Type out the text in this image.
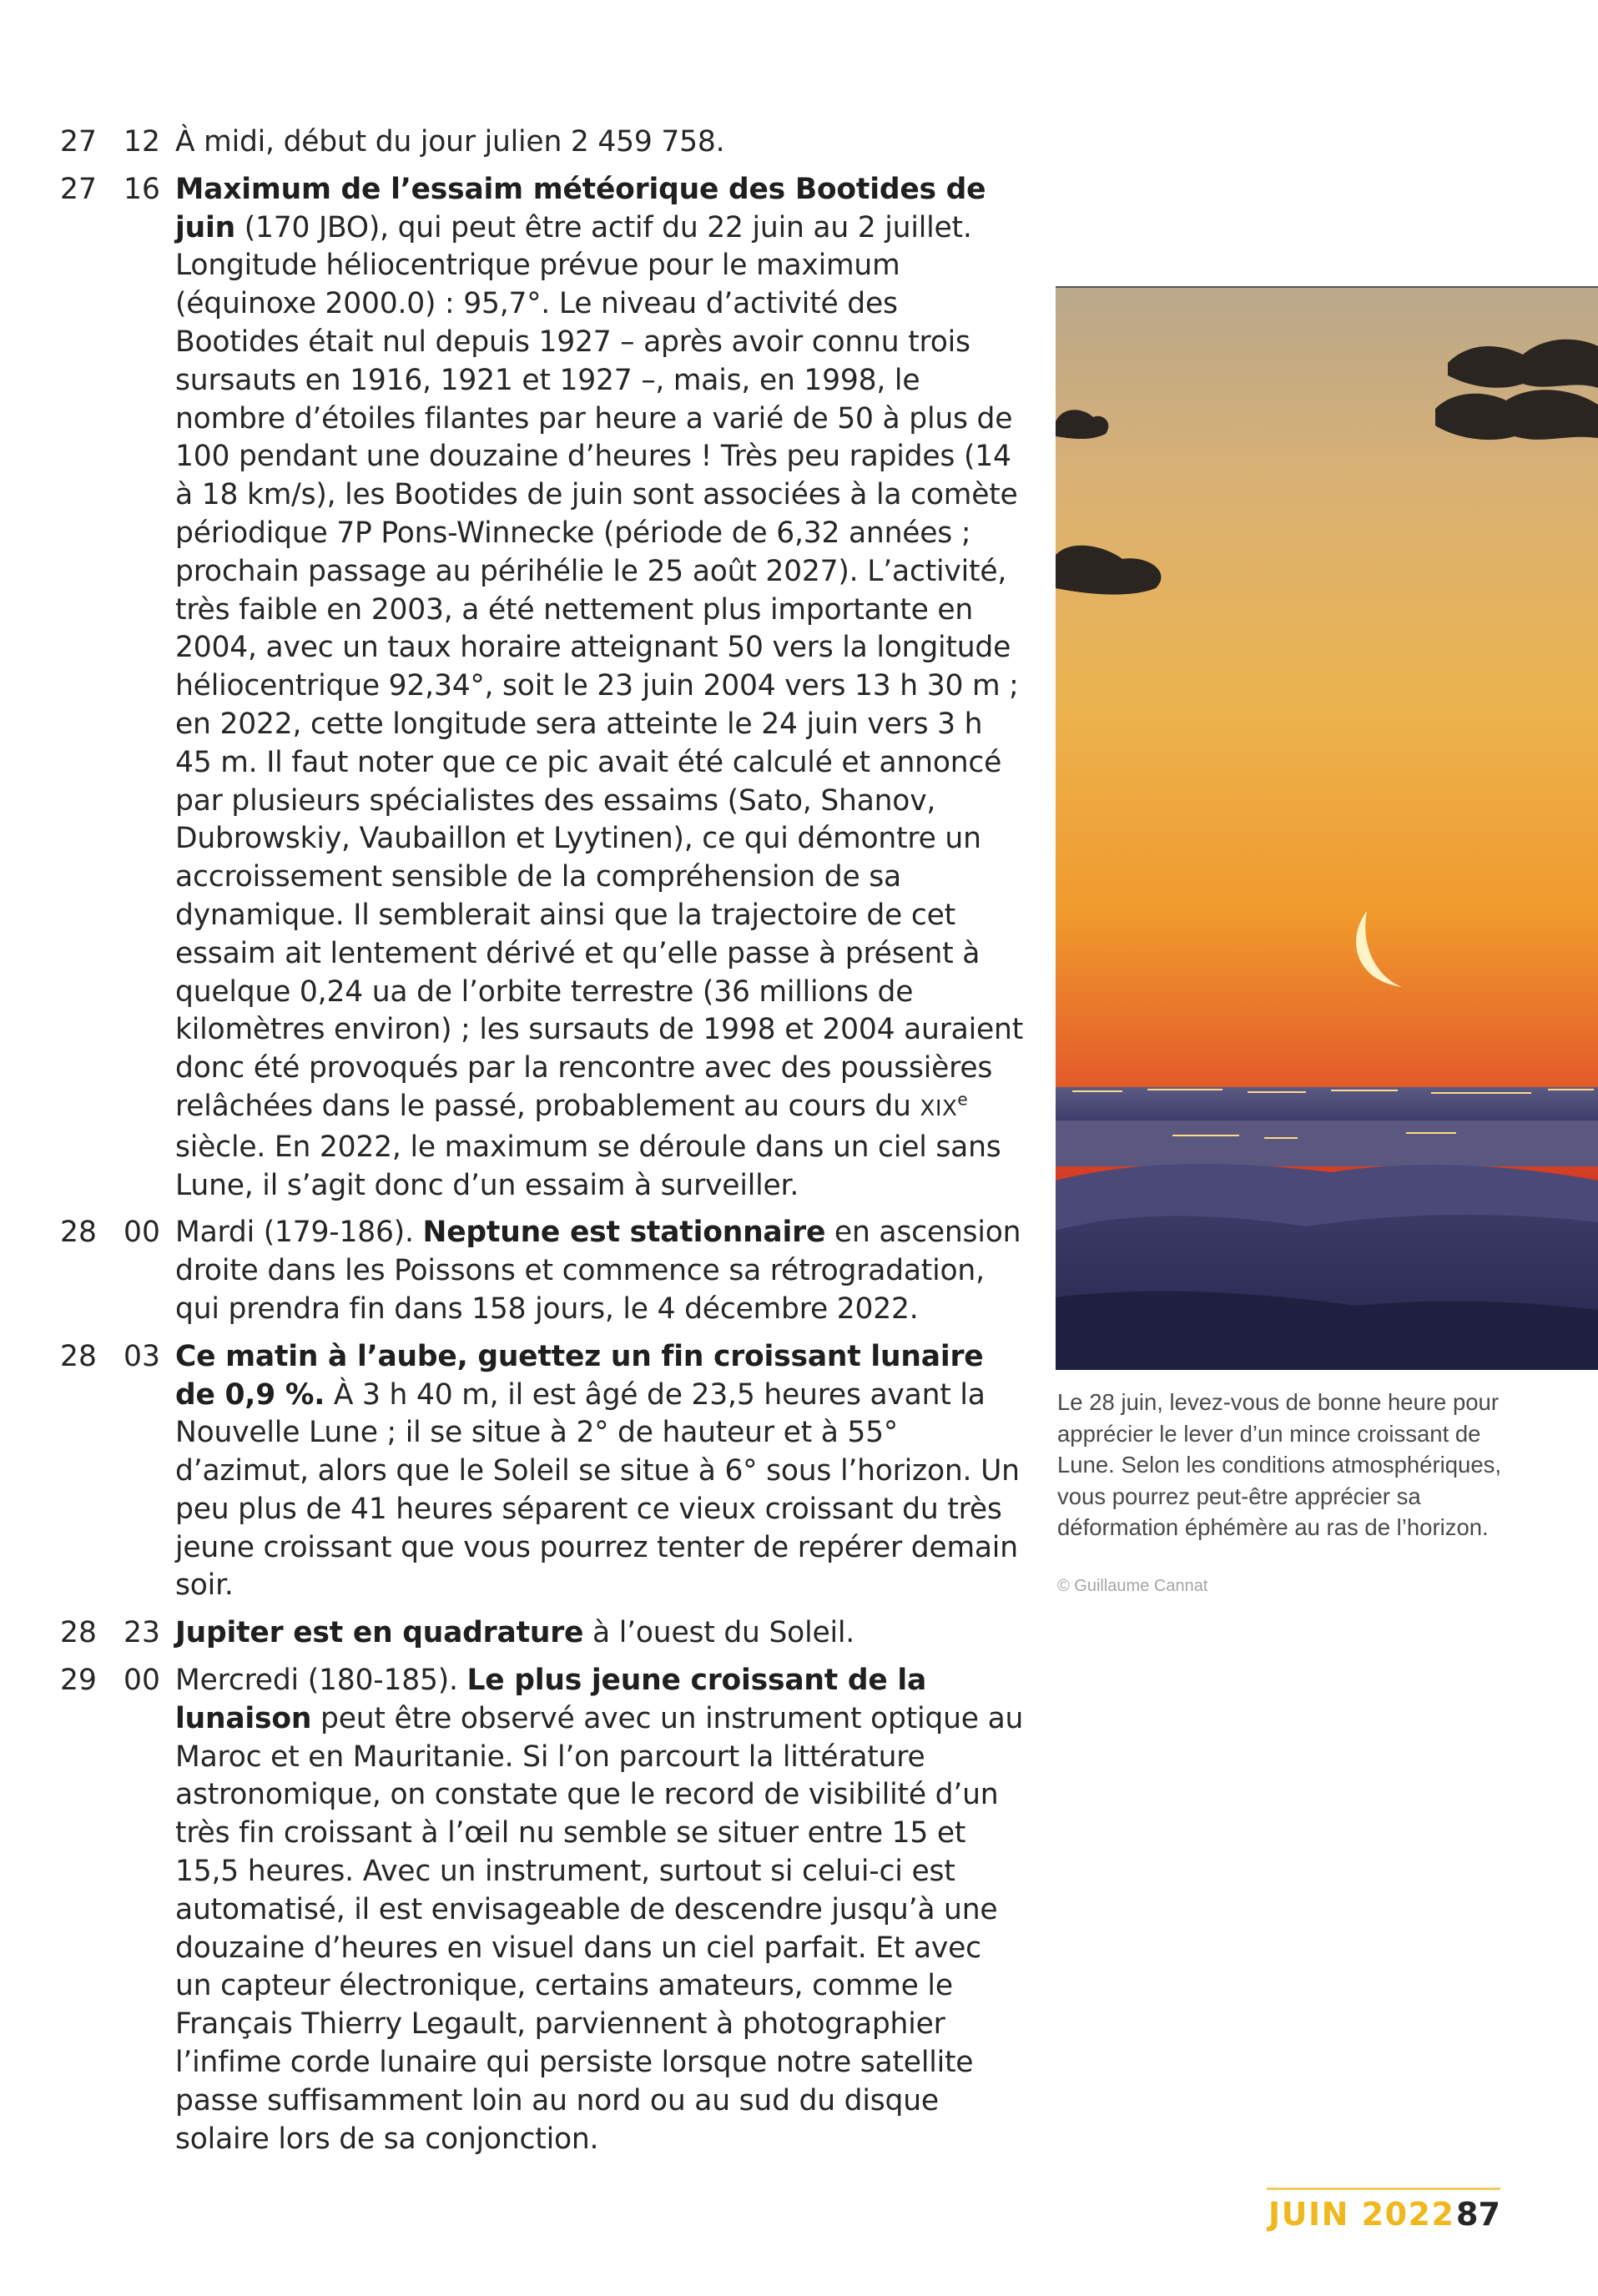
27 12 À midi, début du jour julien 2 459 758.
27 16 Maximum de l’essaim météorique des Bootides de juin (170 JBO), qui peut être actif du 22 juin au 2 juillet. Longitude héliocentrique prévue pour le maximum (équinoxe 2000.0) : 95,7°. Le niveau d’activité des Bootides était nul depuis 1927 – après avoir connu trois sursauts en 1916, 1921 et 1927 –, mais, en 1998, le nombre d’étoiles filantes par heure a varié de 50 à plus de 100 pendant une douzaine d’heures ! Très peu rapides (14 à 18 km/s), les Bootides de juin sont associées à la comète périodique 7P Pons-Winnecke (période de 6,32 années ; prochain passage au périhélie le 25 août 2027). L’activité, très faible en 2003, a été nettement plus importante en 2004, avec un taux horaire atteignant 50 vers la longitude héliocentrique 92,34°, soit le 23 juin 2004 vers 13 h 30 m ; en 2022, cette longitude sera atteinte le 24 juin vers 3 h 45 m. Il faut noter que ce pic avait été calculé et annoncé par plusieurs spécialistes des essaims (Sato, Shanov, Dubrowskiy, Vaubaillon et Lyytinen), ce qui démontre un accroissement sensible de la compréhension de sa dynamique. Il semblerait ainsi que la trajectoire de cet essaim ait lentement dérivé et qu’elle passe à présent à quelque 0,24 ua de l’orbite terrestre (36 millions de kilomètres environ) ; les sursauts de 1998 et 2004 auraient donc été provoqués par la rencontre avec des poussières relâchées dans le passé, probablement au cours du XIXe siècle. En 2022, le maximum se déroule dans un ciel sans Lune, il s’agit donc d’un essaim à surveiller.
28 00 Mardi (179-186). Neptune est stationnaire en ascension droite dans les Poissons et commence sa rétrogradation, qui prendra fin dans 158 jours, le 4 décembre 2022.
28 03 Ce matin à l’aube, guettez un fin croissant lunaire de 0,9 %. À 3 h 40 m, il est âgé de 23,5 heures avant la Nouvelle Lune ; il se situe à 2° de hauteur et à 55° d’azimut, alors que le Soleil se situe à 6° sous l’horizon. Un peu plus de 41 heures séparent ce vieux croissant du très jeune croissant que vous pourrez tenter de repérer demain soir.
28 23 Jupiter est en quadrature à l’ouest du Soleil.
29 00 Mercredi (180-185). Le plus jeune croissant de la lunaison peut être observé avec un instrument optique au Maroc et en Mauritanie. Si l’on parcourt la littérature astronomique, on constate que le record de visibilité d’un très fin croissant à l’œil nu semble se situer entre 15 et 15,5 heures. Avec un instrument, surtout si celui-ci est automatisé, il est envisageable de descendre jusqu’à une douzaine d’heures en visuel dans un ciel parfait. Et avec un capteur électronique, certains amateurs, comme le Français Thierry Legault, parviennent à photographier l’infime corde lunaire qui persiste lorsque notre satellite passe suffisamment loin au nord ou au sud du disque solaire lors de sa conjonction.
Le 28 juin, levez-vous de bonne heure pour apprécier le lever d’un mince croissant de Lune. Selon les conditions atmosphériques, vous pourrez peut-être apprécier sa déformation éphémère au ras de l’horizon.
© Guillaume Cannat
JUIN 2022 87
